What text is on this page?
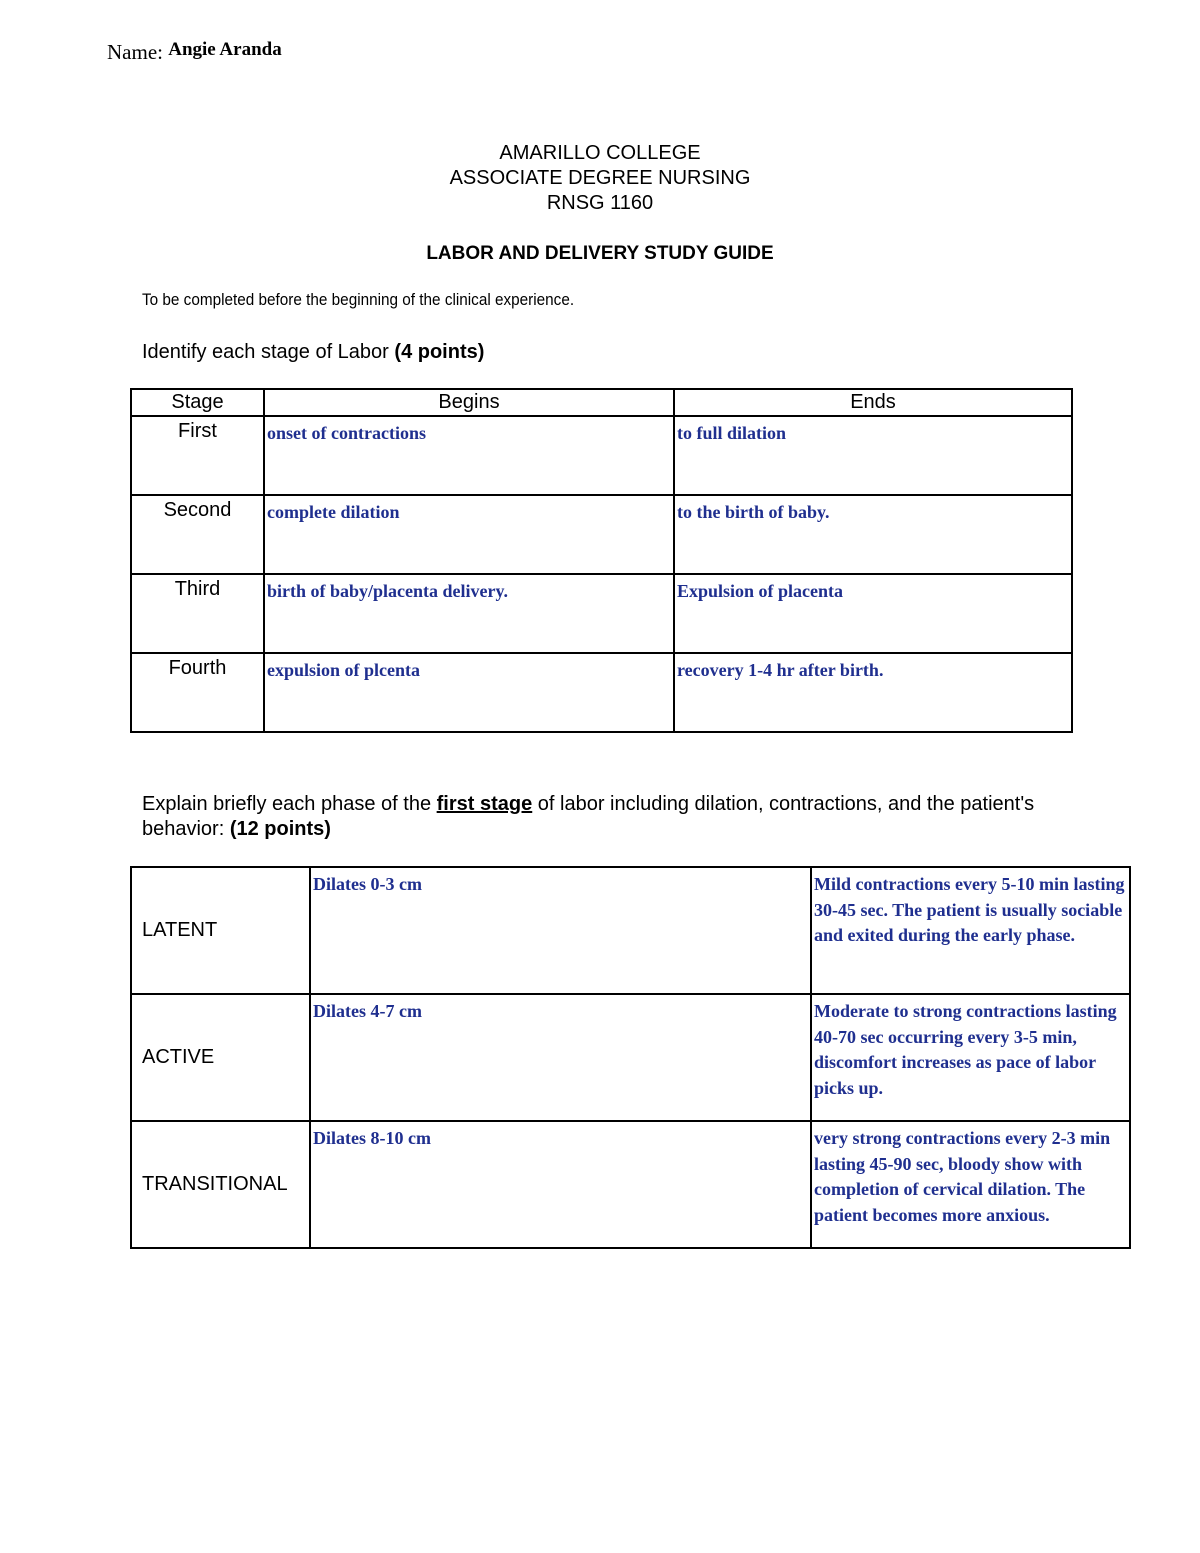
Name: Angie Aranda
AMARILLO COLLEGE
ASSOCIATE DEGREE NURSING
RNSG 1160
LABOR AND DELIVERY STUDY GUIDE
To be completed before the beginning of the clinical experience.
Identify each stage of Labor (4 points)
Stage	Begins	Ends
First	onset of contractions	to full dilation
Second	complete dilation	to the birth of baby.
Third	birth of baby/placenta delivery.	Expulsion of placenta
Fourth	expulsion of plcenta	recovery 1-4 hr after birth.
Explain briefly each phase of the first stage of labor including dilation, contractions, and the patient's behavior: (12 points)
LATENT	Dilates 0-3 cm	Mild contractions every 5-10 min lasting 30-45 sec. The patient is usually sociable and exited during the early phase.

ACTIVE	Dilates 4-7 cm	Moderate to strong contractions lasting 40-70 sec occurring every 3-5 min, discomfort increases as pace of labor picks up.

TRANSITIONAL	Dilates 8-10 cm	very strong contractions every 2-3 min lasting 45-90 sec, bloody show with completion of cervical dilation. The patient becomes more anxious.
